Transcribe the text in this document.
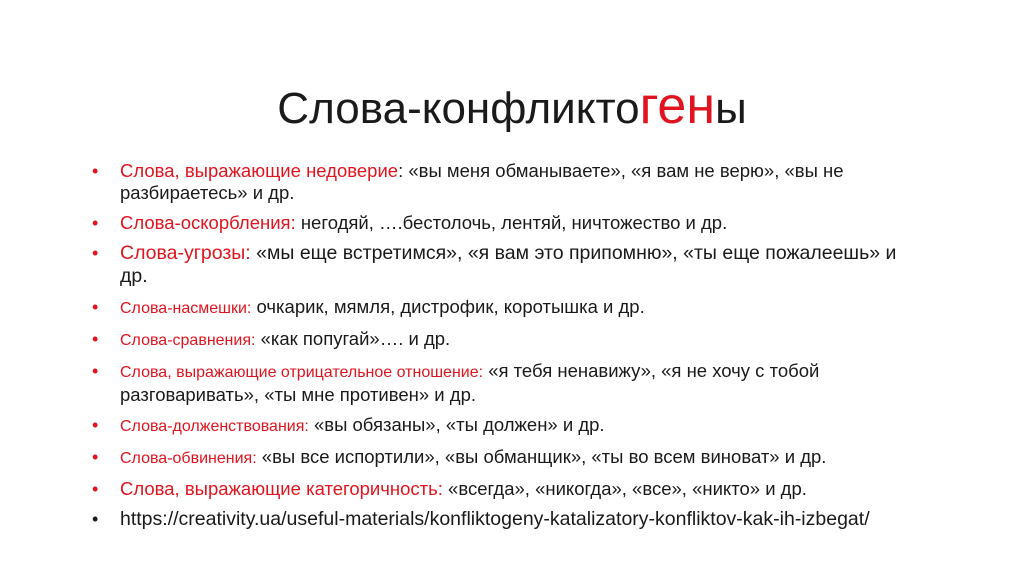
Слова-конфликтогены
• Слова, выражающие недоверие: «вы меня обманываете», «я вам не верю», «вы не разбираетесь» и др.
• Слова-оскорбления: негодяй, ….бестолочь, лентяй, ничтожество и др.
• Слова-угрозы: «мы еще встретимся», «я вам это припомню», «ты еще пожалеешь» и др.
• Слова-насмешки: очкарик, мямля, дистрофик, коротышка и др.
• Слова-сравнения: «как попугай»…. и др.
• Слова, выражающие отрицательное отношение: «я тебя ненавижу», «я не хочу с тобой разговаривать», «ты мне противен» и др.
• Слова-долженствования: «вы обязаны», «ты должен» и др.
• Слова-обвинения: «вы все испортили», «вы обманщик», «ты во всем виноват» и др.
• Слова, выражающие категоричность: «всегда», «никогда», «все», «никто» и др.
• https://creativity.ua/useful-materials/konfliktogeny-katalizatory-konfliktov-kak-ih-izbegat/
